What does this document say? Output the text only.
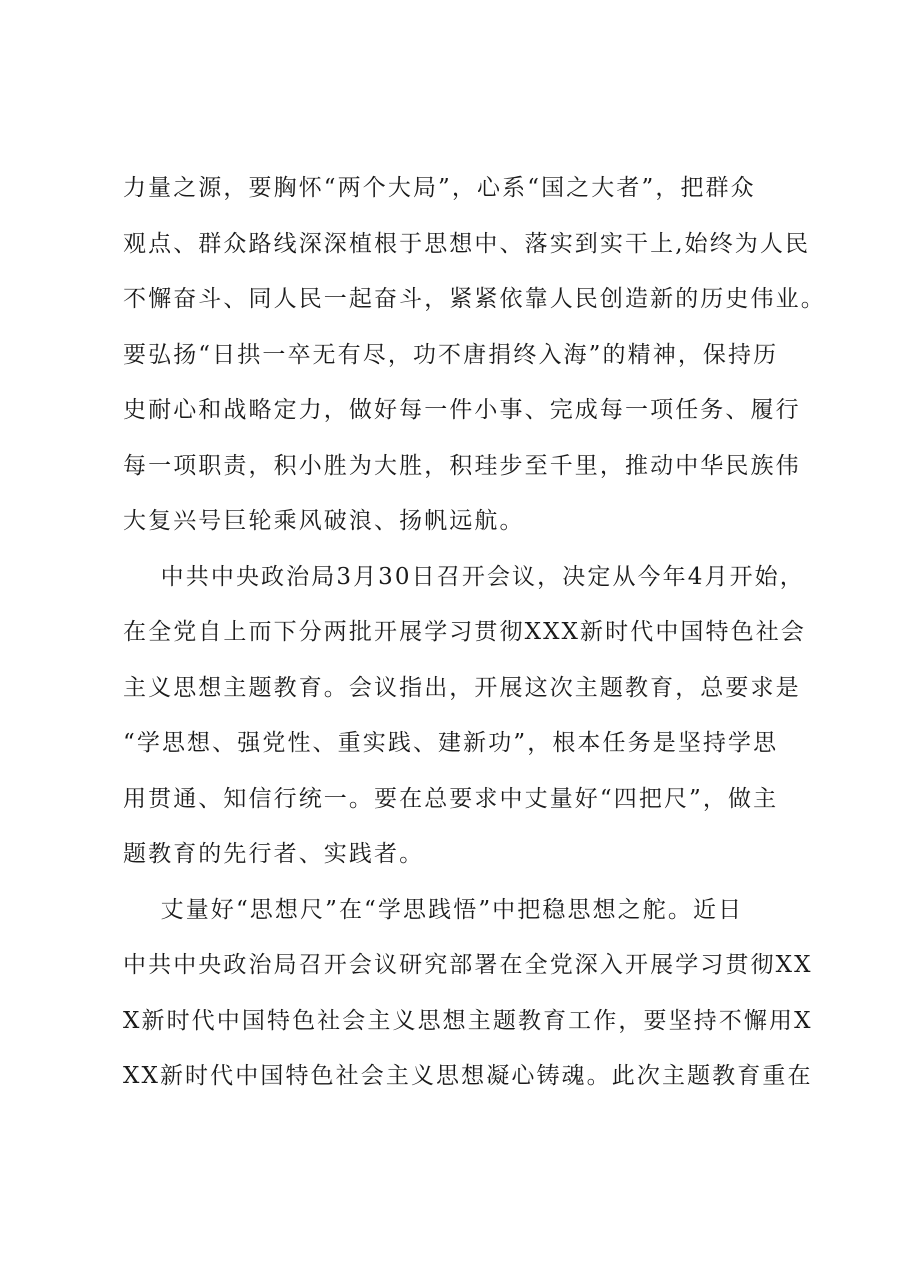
力量之源，要胸怀“两个大局”，心系“国之大者”，把群众
观点、群众路线深深植根于思想中、落实到实干上,始终为人民
不懈奋斗、同人民一起奋斗，紧紧依靠人民创造新的历史伟业。
要弘扬“日拱一卒无有尽，功不唐捐终入海”的精神，保持历
史耐心和战略定力，做好每一件小事、完成每一项任务、履行
每一项职责，积小胜为大胜，积珪步至千里，推动中华民族伟
大复兴号巨轮乘风破浪、扬帆远航。
中共中央政治局3月30日召开会议，决定从今年4月开始，
在全党自上而下分两批开展学习贯彻XXX新时代中国特色社会
主义思想主题教育。会议指出，开展这次主题教育，总要求是
“学思想、强党性、重实践、建新功”，根本任务是坚持学思
用贯通、知信行统一。要在总要求中丈量好“四把尺”，做主
题教育的先行者、实践者。
丈量好“思想尺”在“学思践悟”中把稳思想之舵。近日
中共中央政治局召开会议研究部署在全党深入开展学习贯彻XX
X新时代中国特色社会主义思想主题教育工作，要坚持不懈用X
XX新时代中国特色社会主义思想凝心铸魂。此次主题教育重在
